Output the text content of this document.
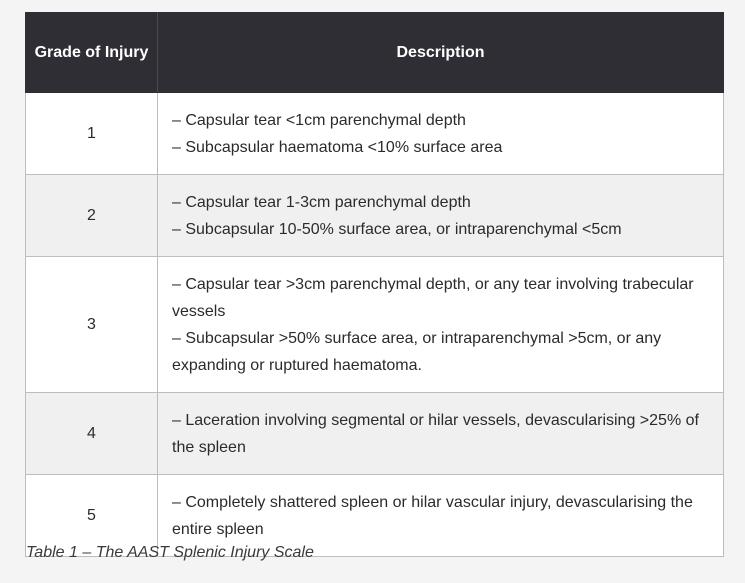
Grade of Injury	Description
1	– Capsular tear <1cm parenchymal depth
– Subcapsular haematoma <10% surface area

2	– Capsular tear 1-3cm parenchymal depth
– Subcapsular 10-50% surface area, or intraparenchymal <5cm

3	– Capsular tear >3cm parenchymal depth, or any tear involving trabecular vessels
– Subcapsular >50% surface area, or intraparenchymal >5cm, or any expanding or ruptured haematoma.

4	– Laceration involving segmental or hilar vessels, devascularising >25% of the spleen

5	– Completely shattered spleen or hilar vascular injury, devascularising the entire spleen
Table 1 – The AAST Splenic Injury Scale
